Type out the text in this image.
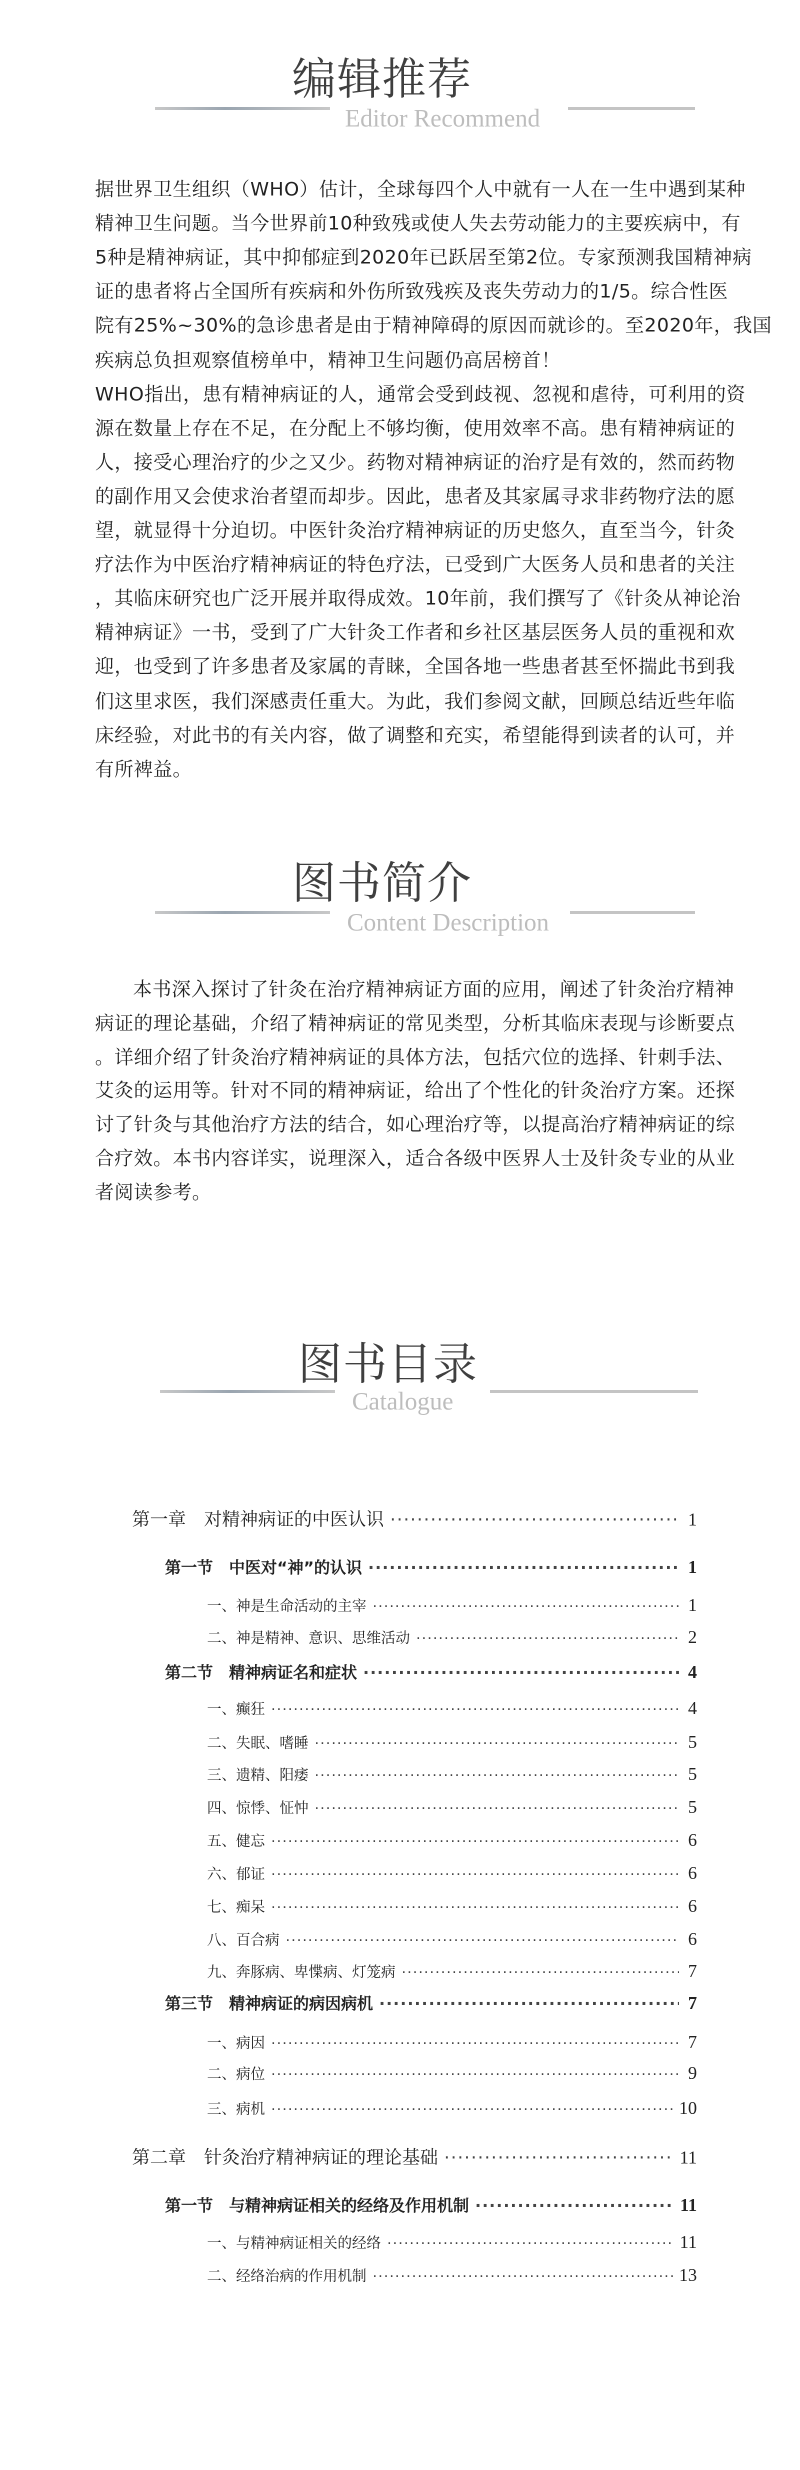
编辑推荐
Editor Recommend
据世界卫生组织（WHO）估计，全球每四个人中就有一人在一生中遇到某种
精神卫生问题。当今世界前10种致残或使人失去劳动能力的主要疾病中，有
5种是精神病证，其中抑郁症到2020年已跃居至第2位。专家预测我国精神病
证的患者将占全国所有疾病和外伤所致残疾及丧失劳动力的1/5。综合性医
院有25%~30%的急诊患者是由于精神障碍的原因而就诊的。至2020年，我国
疾病总负担观察值榜单中，精神卫生问题仍高居榜首！
WHO指出，患有精神病证的人，通常会受到歧视、忽视和虐待，可利用的资
源在数量上存在不足，在分配上不够均衡，使用效率不高。患有精神病证的
人，接受心理治疗的少之又少。药物对精神病证的治疗是有效的，然而药物
的副作用又会使求治者望而却步。因此，患者及其家属寻求非药物疗法的愿
望，就显得十分迫切。中医针灸治疗精神病证的历史悠久，直至当今，针灸
疗法作为中医治疗精神病证的特色疗法，已受到广大医务人员和患者的关注
，其临床研究也广泛开展并取得成效。10年前，我们撰写了《针灸从神论治
精神病证》一书，受到了广大针灸工作者和乡社区基层医务人员的重视和欢
迎，也受到了许多患者及家属的青睐，全国各地一些患者甚至怀揣此书到我
们这里求医，我们深感责任重大。为此，我们参阅文献，回顾总结近些年临
床经验，对此书的有关内容，做了调整和充实，希望能得到读者的认可，并
有所裨益。
图书简介
Content Description
本书深入探讨了针灸在治疗精神病证方面的应用，阐述了针灸治疗精神
病证的理论基础，介绍了精神病证的常见类型，分析其临床表现与诊断要点
。详细介绍了针灸治疗精神病证的具体方法，包括穴位的选择、针刺手法、
艾灸的运用等。针对不同的精神病证，给出了个性化的针灸治疗方案。还探
讨了针灸与其他治疗方法的结合，如心理治疗等，以提高治疗精神病证的综
合疗效。本书内容详实，说理深入，适合各级中医界人士及针灸专业的从业
者阅读参考。
图书目录
Catalogue
第一章　对精神病证的中医认识 ·····	1
第一节　中医对“神”的认识 ·····	1
一、神是生命活动的主宰 ·····	1
二、神是精神、意识、思维活动 ·····	2
第二节　精神病证名和症状 ·····	4
一、癫狂 ·····	4
二、失眠、嗜睡 ·····	5
三、遗精、阳痿 ·····	5
四、惊悸、怔忡 ·····	5
五、健忘 ·····	6
六、郁证 ·····	6
七、痴呆 ·····	6
八、百合病 ·····	6
九、奔豚病、卑惵病、灯笼病 ·····	7
第三节　精神病证的病因病机 ·····	7
一、病因 ·····	7
二、病位 ·····	9
三、病机 ·····	10
第二章　针灸治疗精神病证的理论基础 ·····	11
第一节　与精神病证相关的经络及作用机制 ·····	11
一、与精神病证相关的经络 ·····	11
二、经络治病的作用机制 ·····	13
